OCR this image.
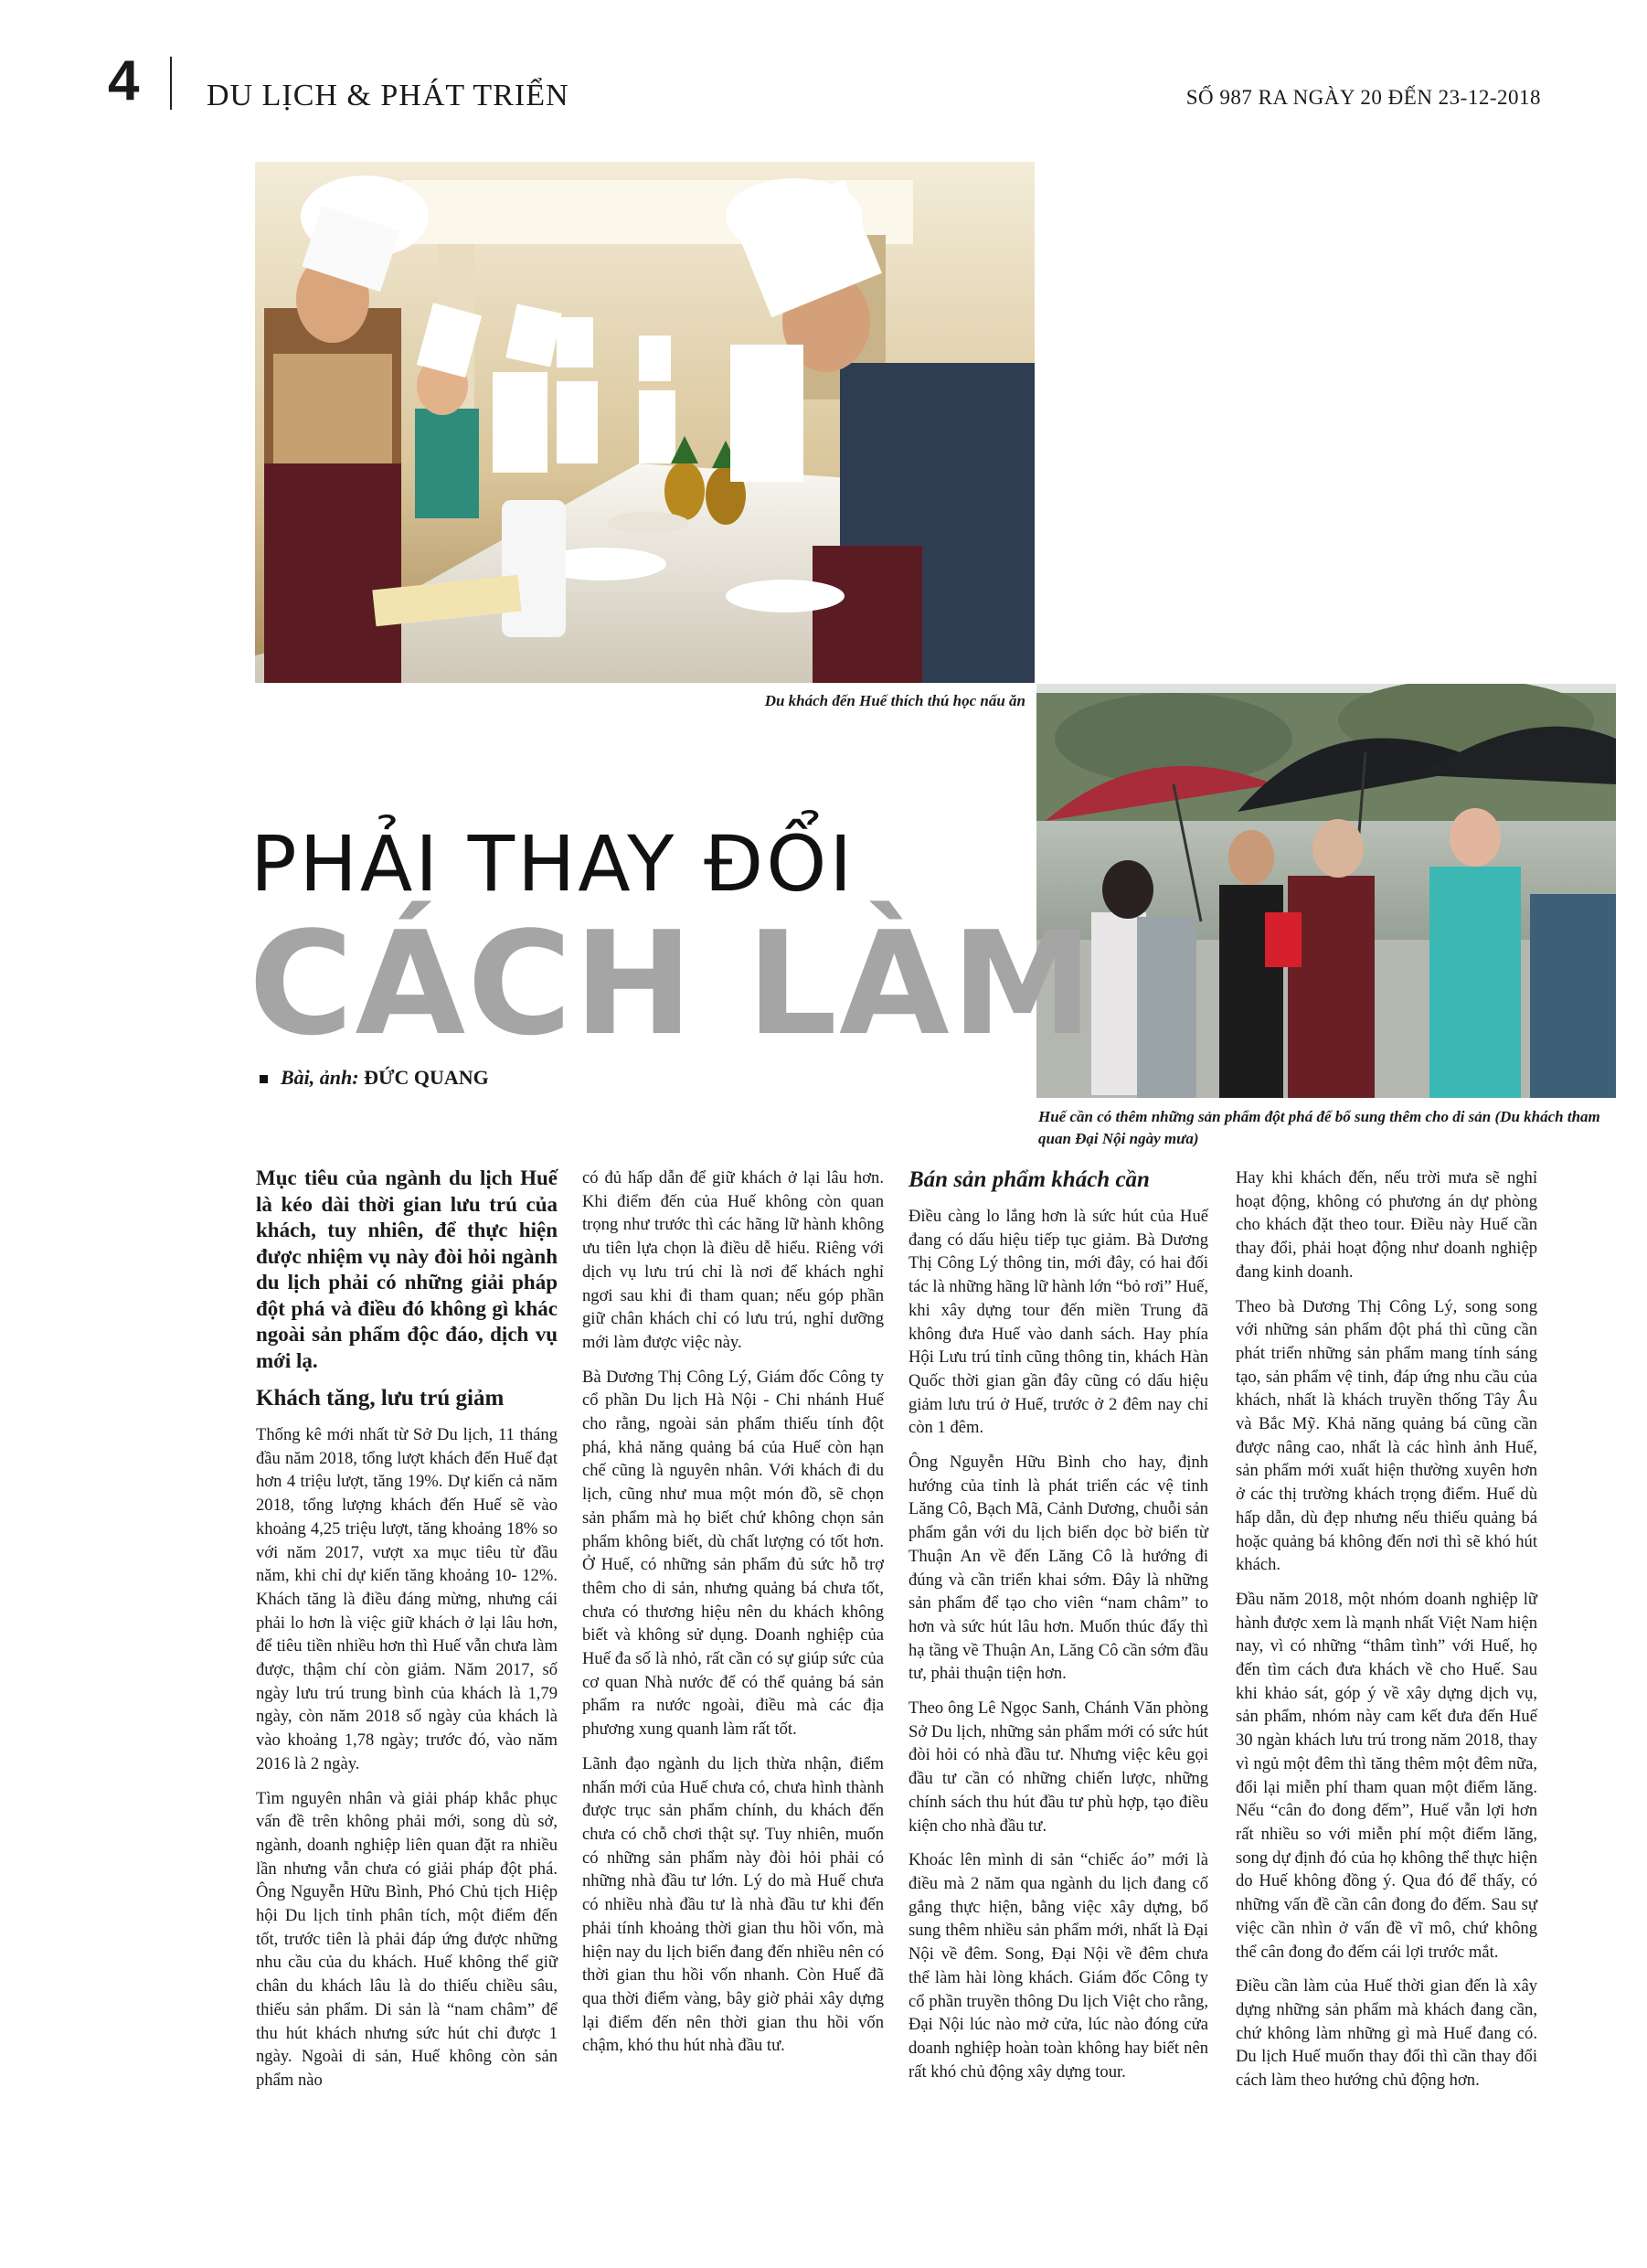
4 DU LỊCH & PHÁT TRIỂN	SỐ 987 RA NGÀY 20 ĐẾN 23-12-2018
Du khách đến Huế thích thú học nấu ăn
Huế cần có thêm những sản phẩm đột phá để bổ sung thêm cho di sản (Du khách tham quan Đại Nội ngày mưa)
PHẢI THAY ĐỔI
CÁCH LÀM
Bài, ảnh: ĐỨC QUANG

Mục tiêu của ngành du lịch Huế là kéo dài thời gian lưu trú của khách, tuy nhiên, để thực hiện được nhiệm vụ này đòi hỏi ngành du lịch phải có những giải pháp đột phá và điều đó không gì khác ngoài sản phẩm độc đáo, dịch vụ mới lạ.

Khách tăng, lưu trú giảm

Thống kê mới nhất từ Sở Du lịch, 11 tháng đầu năm 2018, tổng lượt khách đến Huế đạt hơn 4 triệu lượt, tăng 19%. Dự kiến cả năm 2018, tổng lượng khách đến Huế sẽ vào khoảng 4,25 triệu lượt, tăng khoảng 18% so với năm 2017, vượt xa mục tiêu từ đầu năm, khi chỉ dự kiến tăng khoảng 10- 12%. Khách tăng là điều đáng mừng, nhưng cái phải lo hơn là việc giữ khách ở lại lâu hơn, để tiêu tiền nhiều hơn thì Huế vẫn chưa làm được, thậm chí còn giảm. Năm 2017, số ngày lưu trú trung bình của khách là 1,79 ngày, còn năm 2018 số ngày của khách là vào khoảng 1,78 ngày; trước đó, vào năm 2016 là 2 ngày.

Tìm nguyên nhân và giải pháp khắc phục vấn đề trên không phải mới, song dù sở, ngành, doanh nghiệp liên quan đặt ra nhiều lần nhưng vẫn chưa có giải pháp đột phá. Ông Nguyễn Hữu Bình, Phó Chủ tịch Hiệp hội Du lịch tỉnh phân tích, một điểm đến tốt, trước tiên là phải đáp ứng được những nhu cầu của du khách. Huế không thể giữ chân du khách lâu là do thiếu chiều sâu, thiếu sản phẩm. Di sản là “nam châm” để thu hút khách nhưng sức hút chỉ được 1 ngày. Ngoài di sản, Huế không còn sản phẩm nào

có đủ hấp dẫn để giữ khách ở lại lâu hơn. Khi điểm đến của Huế không còn quan trọng như trước thì các hãng lữ hành không ưu tiên lựa chọn là điều dễ hiểu. Riêng với dịch vụ lưu trú chỉ là nơi để khách nghỉ ngơi sau khi đi tham quan; nếu góp phần giữ chân khách chỉ có lưu trú, nghỉ dưỡng mới làm được việc này.

Bà Dương Thị Công Lý, Giám đốc Công ty cổ phần Du lịch Hà Nội - Chi nhánh Huế cho rằng, ngoài sản phẩm thiếu tính đột phá, khả năng quảng bá của Huế còn hạn chế cũng là nguyên nhân. Với khách đi du lịch, cũng như mua một món đồ, sẽ chọn sản phẩm mà họ biết chứ không chọn sản phẩm không biết, dù chất lượng có tốt hơn. Ở Huế, có những sản phẩm đủ sức hỗ trợ thêm cho di sản, nhưng quảng bá chưa tốt, chưa có thương hiệu nên du khách không biết và không sử dụng. Doanh nghiệp của Huế đa số là nhỏ, rất cần có sự giúp sức của cơ quan Nhà nước để có thể quảng bá sản phẩm ra nước ngoài, điều mà các địa phương xung quanh làm rất tốt.

Lãnh đạo ngành du lịch thừa nhận, điểm nhấn mới của Huế chưa có, chưa hình thành được trục sản phẩm chính, du khách đến chưa có chỗ chơi thật sự. Tuy nhiên, muốn có những sản phẩm này đòi hỏi phải có những nhà đầu tư lớn. Lý do mà Huế chưa có nhiều nhà đầu tư là nhà đầu tư khi đến phải tính khoảng thời gian thu hồi vốn, mà hiện nay du lịch biển đang đến nhiều nên có thời gian thu hồi vốn nhanh. Còn Huế đã qua thời điểm vàng, bây giờ phải xây dựng lại điểm đến nên thời gian thu hồi vốn chậm, khó thu hút nhà đầu tư.

Bán sản phẩm khách cần

Điều càng lo lắng hơn là sức hút của Huế đang có dấu hiệu tiếp tục giảm. Bà Dương Thị Công Lý thông tin, mới đây, có hai đối tác là những hãng lữ hành lớn “bỏ rơi” Huế, khi xây dựng tour đến miền Trung đã không đưa Huế vào danh sách. Hay phía Hội Lưu trú tỉnh cũng thông tin, khách Hàn Quốc thời gian gần đây cũng có dấu hiệu giảm lưu trú ở Huế, trước ở 2 đêm nay chỉ còn 1 đêm.

Ông Nguyễn Hữu Bình cho hay, định hướng của tỉnh là phát triển các vệ tinh Lăng Cô, Bạch Mã, Cảnh Dương, chuỗi sản phẩm gắn với du lịch biển dọc bờ biển từ Thuận An về đến Lăng Cô là hướng đi đúng và cần triển khai sớm. Đây là những sản phẩm để tạo cho viên “nam châm” to hơn và sức hút lâu hơn. Muốn thúc đẩy thì hạ tầng về Thuận An, Lăng Cô cần sớm đầu tư, phải thuận tiện hơn.

Theo ông Lê Ngọc Sanh, Chánh Văn phòng Sở Du lịch, những sản phẩm mới có sức hút đòi hỏi có nhà đầu tư. Nhưng việc kêu gọi đầu tư cần có những chiến lược, những chính sách thu hút đầu tư phù hợp, tạo điều kiện cho nhà đầu tư.

Khoác lên mình di sản “chiếc áo” mới là điều mà 2 năm qua ngành du lịch đang cố gắng thực hiện, bằng việc xây dựng, bổ sung thêm nhiều sản phẩm mới, nhất là Đại Nội về đêm. Song, Đại Nội về đêm chưa thể làm hài lòng khách. Giám đốc Công ty cổ phần truyền thông Du lịch Việt cho rằng, Đại Nội lúc nào mở cửa, lúc nào đóng cửa doanh nghiệp hoàn toàn không hay biết nên rất khó chủ động xây dựng tour.

Hay khi khách đến, nếu trời mưa sẽ nghỉ hoạt động, không có phương án dự phòng cho khách đặt theo tour. Điều này Huế cần thay đổi, phải hoạt động như doanh nghiệp đang kinh doanh.

Theo bà Dương Thị Công Lý, song song với những sản phẩm đột phá thì cũng cần phát triển những sản phẩm mang tính sáng tạo, sản phẩm vệ tinh, đáp ứng nhu cầu của khách, nhất là khách truyền thống Tây Âu và Bắc Mỹ. Khả năng quảng bá cũng cần được nâng cao, nhất là các hình ảnh Huế, sản phẩm mới xuất hiện thường xuyên hơn ở các thị trường khách trọng điểm. Huế dù hấp dẫn, dù đẹp nhưng nếu thiếu quảng bá hoặc quảng bá không đến nơi thì sẽ khó hút khách.

Đầu năm 2018, một nhóm doanh nghiệp lữ hành được xem là mạnh nhất Việt Nam hiện nay, vì có những “thâm tình” với Huế, họ đến tìm cách đưa khách về cho Huế. Sau khi khảo sát, góp ý về xây dựng dịch vụ, sản phẩm, nhóm này cam kết đưa đến Huế 30 ngàn khách lưu trú trong năm 2018, thay vì ngủ một đêm thì tăng thêm một đêm nữa, đổi lại miễn phí tham quan một điểm lăng. Nếu “cân đo đong đếm”, Huế vẫn lợi hơn rất nhiều so với miễn phí một điểm lăng, song dự định đó của họ không thể thực hiện do Huế không đồng ý. Qua đó để thấy, có những vấn đề cần cân đong đo đếm. Sau sự việc cần nhìn ở vấn đề vĩ mô, chứ không thể cân đong đo đếm cái lợi trước mắt.

Điều cần làm của Huế thời gian đến là xây dựng những sản phẩm mà khách đang cần, chứ không làm những gì mà Huế đang có. Du lịch Huế muốn thay đổi thì cần thay đổi cách làm theo hướng chủ động hơn.
